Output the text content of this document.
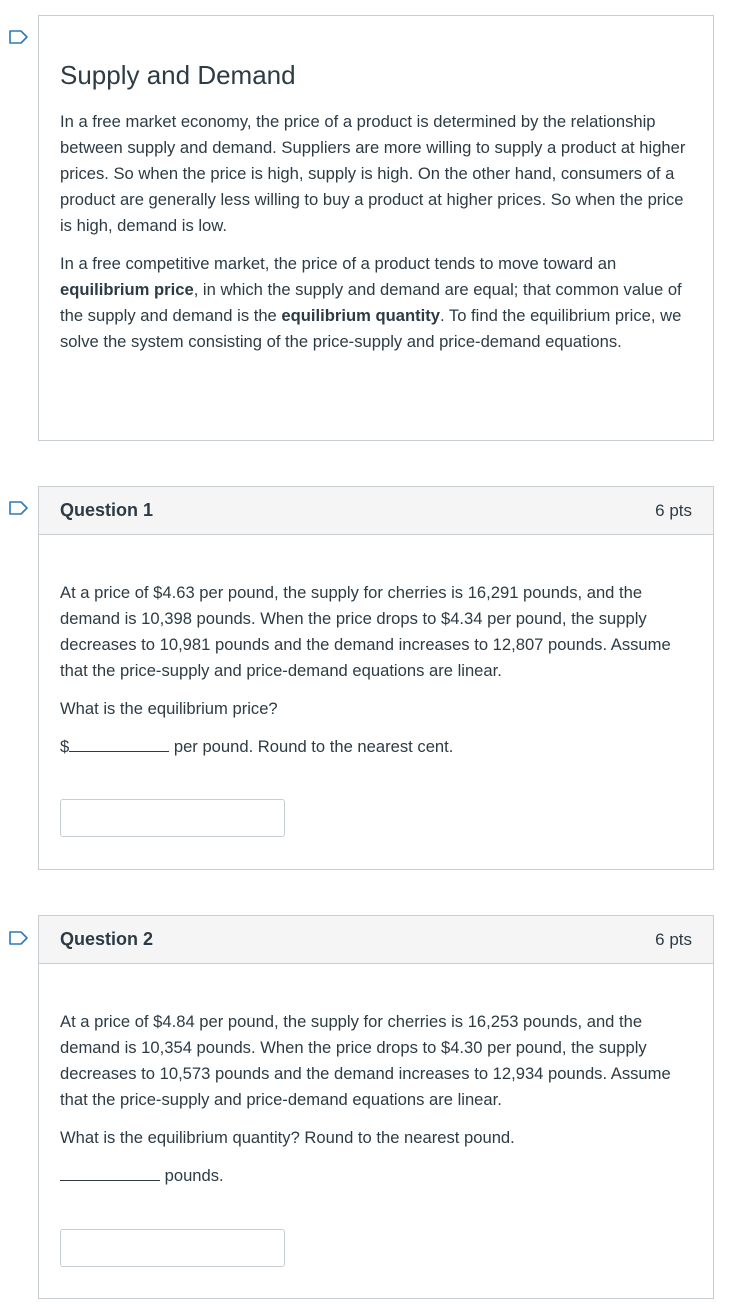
Supply and Demand

In a free market economy, the price of a product is determined by the relationship between supply and demand. Suppliers are more willing to supply a product at higher prices. So when the price is high, supply is high. On the other hand, consumers of a product are generally less willing to buy a product at higher prices. So when the price is high, demand is low.

In a free competitive market, the price of a product tends to move toward an equilibrium price, in which the supply and demand are equal; that common value of the supply and demand is the equilibrium quantity. To find the equilibrium price, we solve the system consisting of the price-supply and price-demand equations.

Question 1	6 pts

At a price of $4.63 per pound, the supply for cherries is 16,291 pounds, and the demand is 10,398 pounds. When the price drops to $4.34 per pound, the supply decreases to 10,981 pounds and the demand increases to 12,807 pounds. Assume that the price-supply and price-demand equations are linear.

What is the equilibrium price?

$	per pound. Round to the nearest cent.

Question 2	6 pts

At a price of $4.84 per pound, the supply for cherries is 16,253 pounds, and the demand is 10,354 pounds. When the price drops to $4.30 per pound, the supply decreases to 10,573 pounds and the demand increases to 12,934 pounds. Assume that the price-supply and price-demand equations are linear.

What is the equilibrium quantity? Round to the nearest pound.

pounds.
